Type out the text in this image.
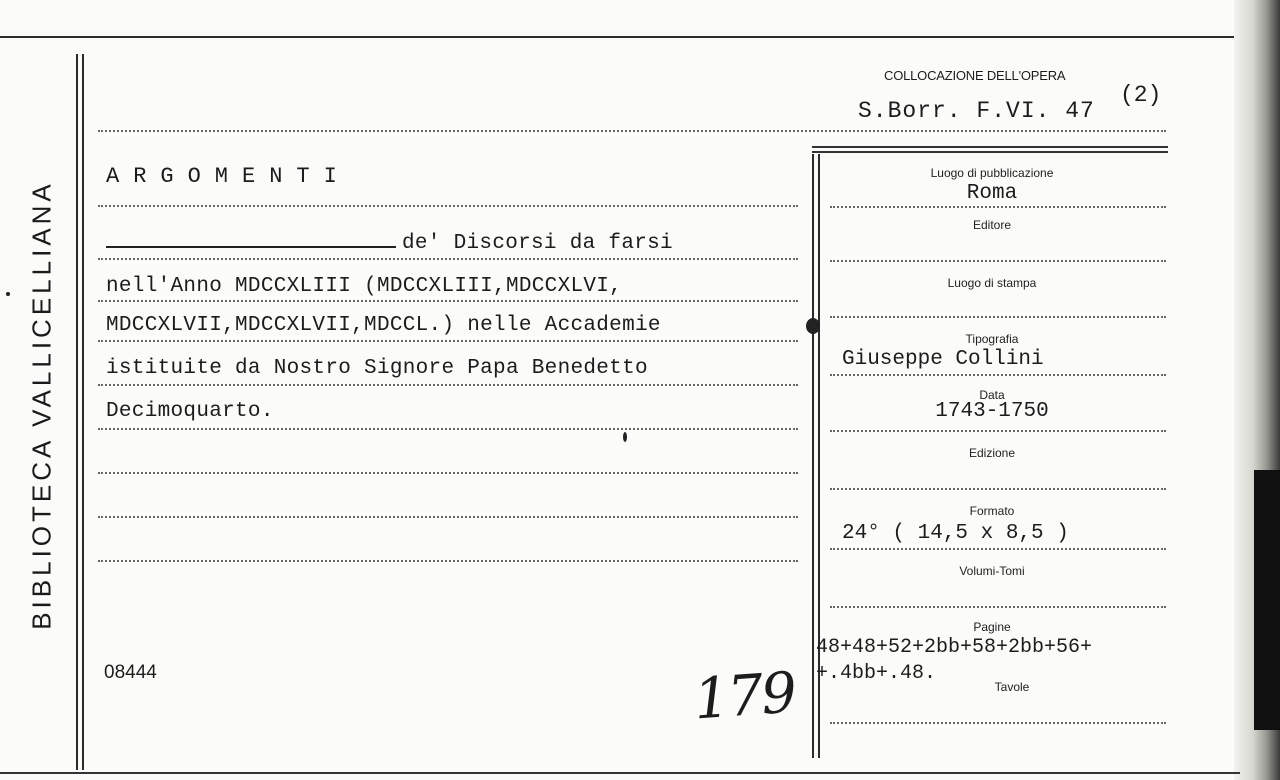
BIBLIOTECA VALLICELLIANA
COLLOCAZIONE DELL'OPERA
S.Borr. F.VI. 47
(2)
ARGOMENTI
de' Discorsi da farsi
nell'Anno MDCCXLIII (MDCCXLIII,MDCCXLVI,
MDCCXLVII,MDCCXLVII,MDCCL.) nelle Accademie
istituite da Nostro Signore Papa Benedetto
Decimoquarto.
08444	179
Luogo di pubblicazione
Roma
Editore
Luogo di stampa
Tipografia
Giuseppe Collini
Data
1743-1750
Edizione
Formato
24° ( 14,5 x 8,5 )
Volumi-Tomi
Pagine
48+48+52+2bb+58+2bb+56+
+.4bb+.48.
Tavole
